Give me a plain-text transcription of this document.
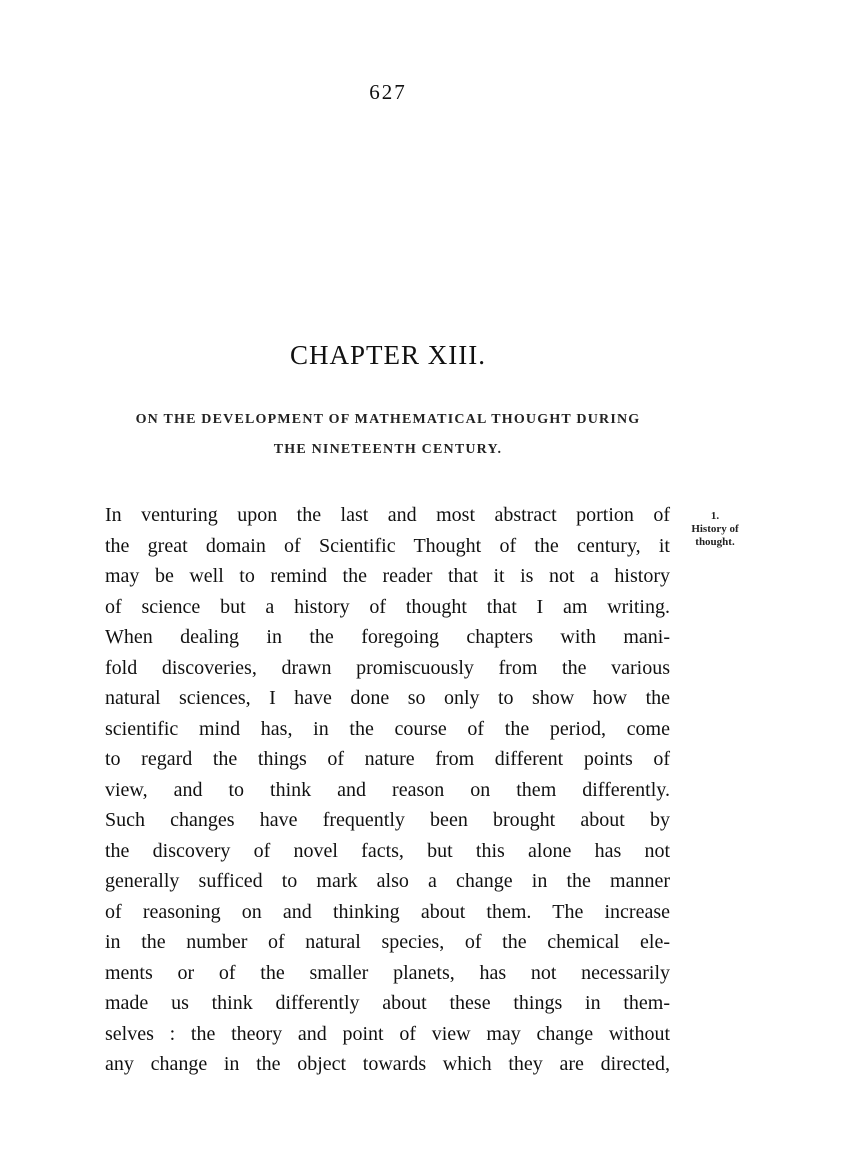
627
CHAPTER XIII.
ON THE DEVELOPMENT OF MATHEMATICAL THOUGHT DURING
THE NINETEENTH CENTURY.
1.
History of
thought.
In venturing upon the last and most abstract portion of
the great domain of Scientific Thought of the century, it
may be well to remind the reader that it is not a history
of science but a history of thought that I am writing.
When dealing in the foregoing chapters with mani-
fold discoveries, drawn promiscuously from the various
natural sciences, I have done so only to show how the
scientific mind has, in the course of the period, come
to regard the things of nature from different points of
view, and to think and reason on them differently.
Such changes have frequently been brought about by
the discovery of novel facts, but this alone has not
generally sufficed to mark also a change in the manner
of reasoning on and thinking about them. The increase
in the number of natural species, of the chemical ele-
ments or of the smaller planets, has not necessarily
made us think differently about these things in them-
selves : the theory and point of view may change without
any change in the object towards which they are directed,
